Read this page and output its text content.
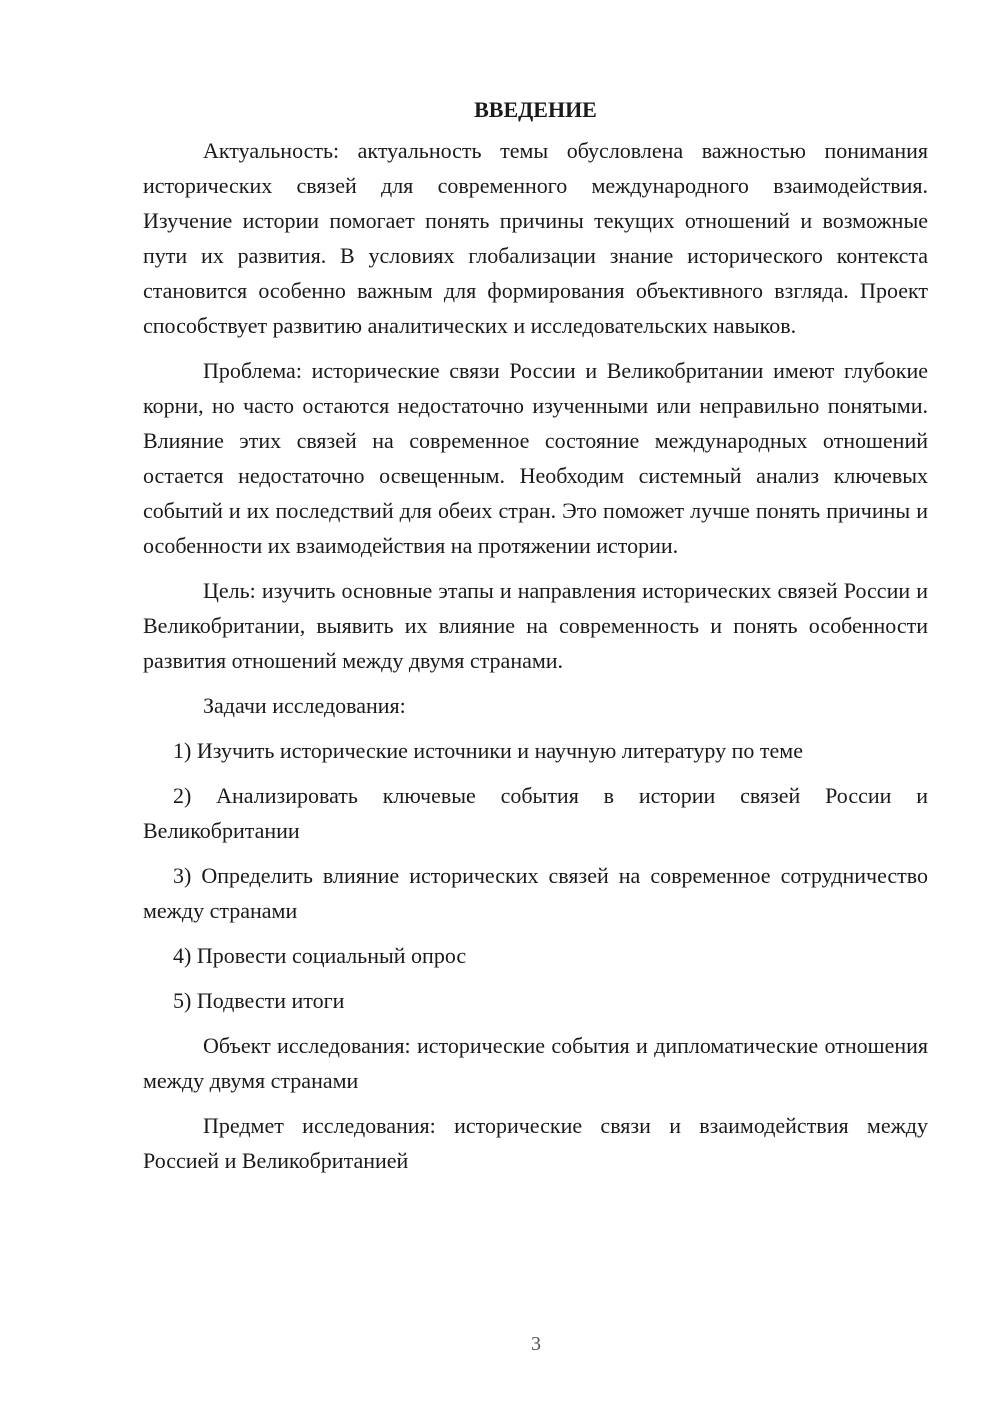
ВВЕДЕНИЕ

Актуальность: актуальность темы обусловлена важностью понимания исторических связей для современного международного взаимодействия. Изучение истории помогает понять причины текущих отношений и возможные пути их развития. В условиях глобализации знание исторического контекста становится особенно важным для формирования объективного взгляда. Проект способствует развитию аналитических и исследовательских навыков.

Проблема: исторические связи России и Великобритании имеют глубокие корни, но часто остаются недостаточно изученными или неправильно понятыми. Влияние этих связей на современное состояние международных отношений остается недостаточно освещенным. Необходим системный анализ ключевых событий и их последствий для обеих стран. Это поможет лучше понять причины и особенности их взаимодействия на протяжении истории.

Цель: изучить основные этапы и направления исторических связей России и Великобритании, выявить их влияние на современность и понять особенности развития отношений между двумя странами.

Задачи исследования:

1) Изучить исторические источники и научную литературу по теме

2) Анализировать ключевые события в истории связей России и Великобритании

3) Определить влияние исторических связей на современное сотрудничество между странами

4) Провести социальный опрос

5) Подвести итоги

Объект исследования: исторические события и дипломатические отношения между двумя странами

Предмет исследования: исторические связи и взаимодействия между Россией и Великобританией

3
